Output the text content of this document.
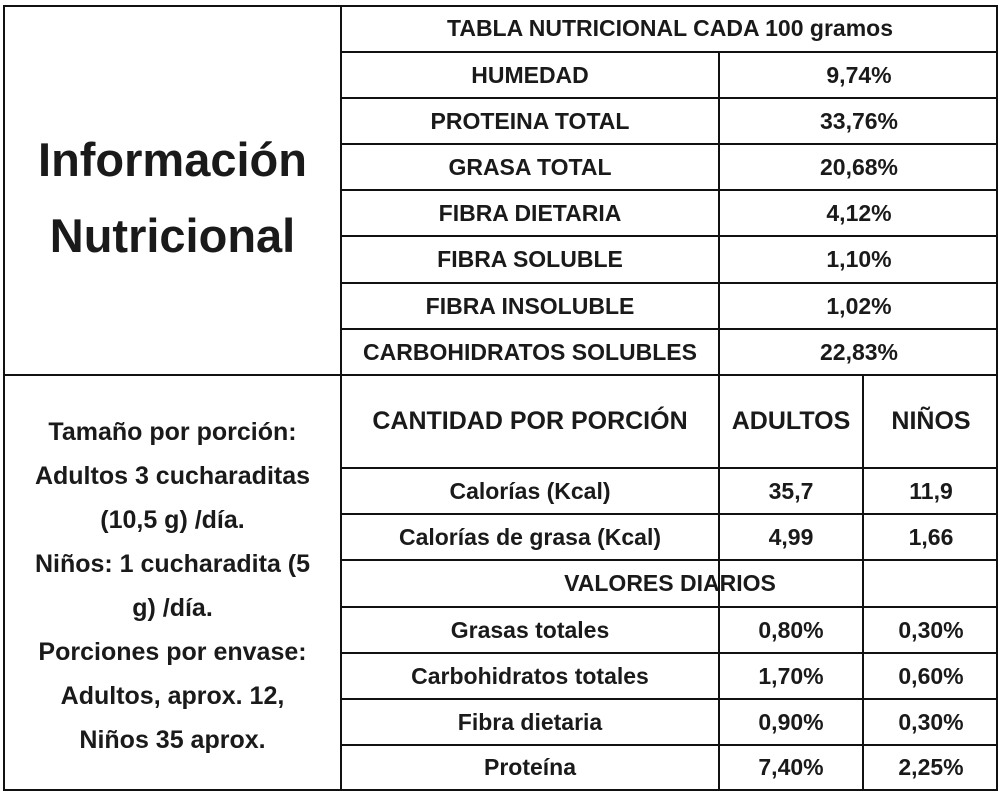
Información
Nutricional
Tamaño por porción:
Adultos 3 cucharaditas
(10,5 g) /día.
Niños: 1 cucharadita (5
g) /día.
Porciones por envase:
Adultos, aprox. 12,
Niños 35 aprox.
TABLA NUTRICIONAL CADA 100 gramos
HUMEDAD	9,74%
PROTEINA TOTAL	33,76%
GRASA TOTAL	20,68%
FIBRA DIETARIA	4,12%
FIBRA SOLUBLE	1,10%
FIBRA INSOLUBLE	1,02%
CARBOHIDRATOS SOLUBLES	22,83%
CANTIDAD POR PORCIÓN	ADULTOS	NIÑOS
Calorías (Kcal)	35,7	11,9
Calorías de grasa (Kcal)	4,99	1,66
VALORES DIARIOS
Grasas totales	0,80%	0,30%
Carbohidratos totales	1,70%	0,60%
Fibra dietaria	0,90%	0,30%
Proteína	7,40%	2,25%
